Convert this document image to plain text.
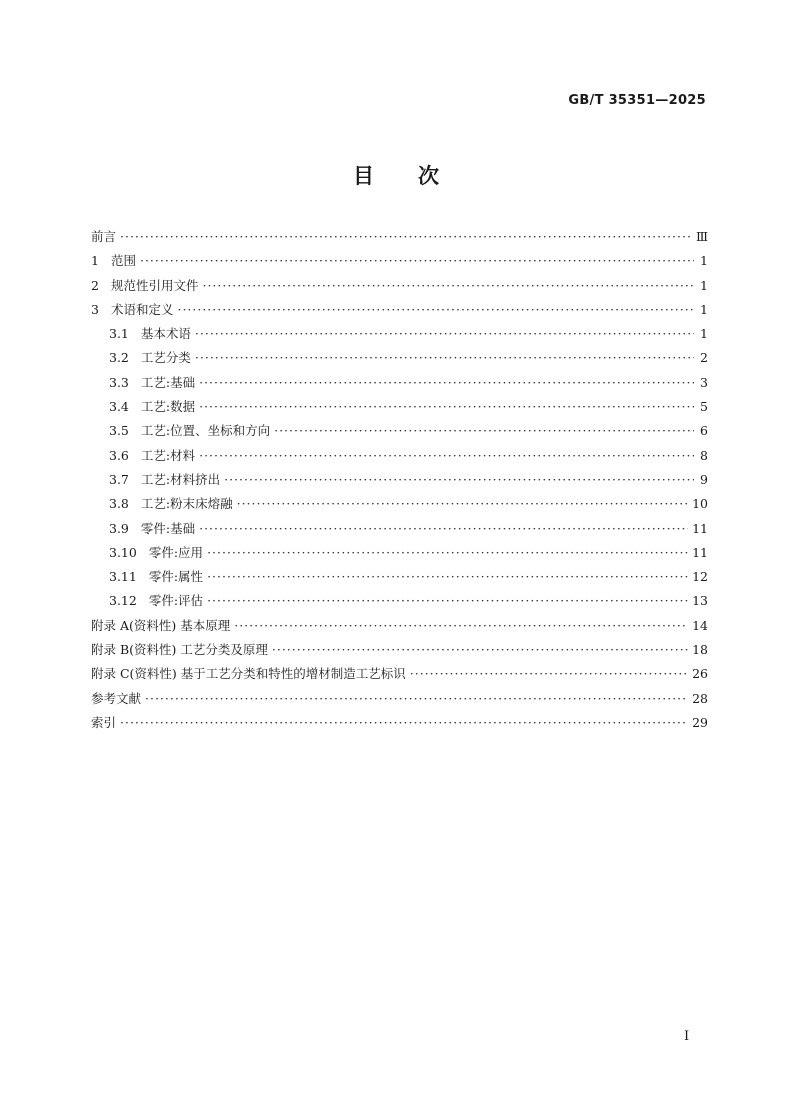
GB/T 35351—2025
目 次
前言 ·····	Ⅲ
1 范围 ·····	1
2 规范性引用文件 ·····	1
3 术语和定义 ·····	1
3.1 基本术语 ·····	1
3.2 工艺分类 ·····	2
3.3 工艺:基础 ·····	3
3.4 工艺:数据 ·····	5
3.5 工艺:位置、坐标和方向 ·····	6
3.6 工艺:材料 ·····	8
3.7 工艺:材料挤出 ·····	9
3.8 工艺:粉末床熔融 ·····	10
3.9 零件:基础 ·····	11
3.10 零件:应用 ·····	11
3.11 零件:属性 ·····	12
3.12 零件:评估 ·····	13
附录 A(资料性) 基本原理 ·····	14
附录 B(资料性) 工艺分类及原理 ·····	18
附录 C(资料性) 基于工艺分类和特性的增材制造工艺标识 ·····	26
参考文献 ·····	28
索引 ·····	29
I
